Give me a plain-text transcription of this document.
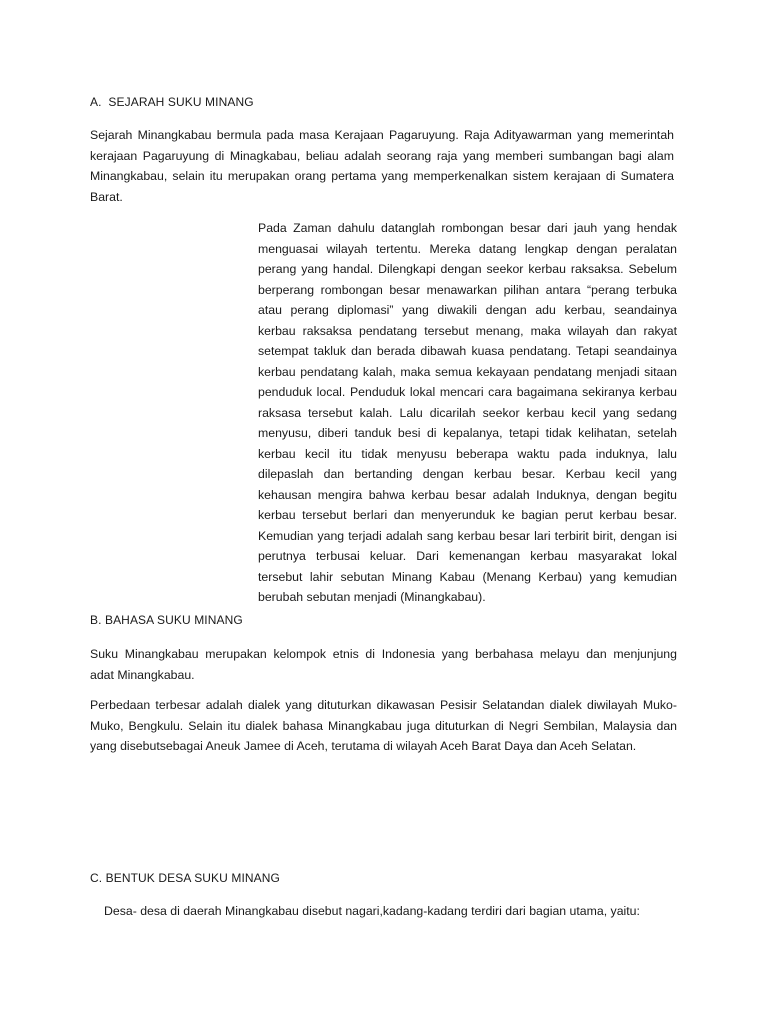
A.  SEJARAH SUKU MINANG
Sejarah Minangkabau bermula pada masa Kerajaan Pagaruyung. Raja Adityawarman yang memerintah
kerajaan Pagaruyung di Minagkabau, beliau adalah seorang raja yang memberi sumbangan bagi alam
Minangkabau, selain itu merupakan orang pertama yang memperkenalkan sistem kerajaan di Sumatera
Barat.
Pada Zaman dahulu datanglah rombongan besar dari jauh yang hendak
menguasai wilayah tertentu. Mereka datang lengkap dengan peralatan
perang yang handal. Dilengkapi dengan seekor kerbau raksaksa. Sebelum
berperang rombongan besar menawarkan pilihan antara “perang terbuka
atau perang diplomasi” yang diwakili dengan adu kerbau, seandainya
kerbau raksaksa pendatang tersebut menang, maka wilayah dan rakyat
setempat takluk dan berada dibawah kuasa pendatang. Tetapi seandainya
kerbau pendatang kalah, maka semua kekayaan pendatang menjadi sitaan
penduduk local. Penduduk lokal mencari cara bagaimana sekiranya kerbau
raksasa tersebut kalah. Lalu dicarilah seekor kerbau kecil yang sedang
menyusu, diberi tanduk besi di kepalanya, tetapi tidak kelihatan, setelah
kerbau kecil itu tidak menyusu beberapa waktu pada induknya, lalu
dilepaslah dan bertanding dengan kerbau besar. Kerbau kecil yang
kehausan mengira bahwa kerbau besar adalah Induknya, dengan begitu
kerbau tersebut berlari dan menyerunduk ke bagian perut kerbau besar.
Kemudian yang terjadi adalah sang kerbau besar lari terbirit birit, dengan isi
perutnya terbusai keluar. Dari kemenangan kerbau masyarakat lokal
tersebut lahir sebutan Minang Kabau (Menang Kerbau) yang kemudian
berubah sebutan menjadi (Minangkabau).
B. BAHASA SUKU MINANG
Suku Minangkabau merupakan kelompok etnis di Indonesia yang berbahasa melayu dan menjunjung
adat Minangkabau.
Perbedaan terbesar adalah dialek yang dituturkan dikawasan Pesisir Selatandan dialek diwilayah Muko-
Muko, Bengkulu. Selain itu dialek bahasa Minangkabau juga dituturkan di Negri Sembilan, Malaysia dan
yang disebutsebagai Aneuk Jamee di Aceh, terutama di wilayah Aceh Barat Daya dan Aceh Selatan.
C. BENTUK DESA SUKU MINANG
Desa- desa di daerah Minangkabau disebut nagari,kadang-kadang terdiri dari bagian utama, yaitu:
